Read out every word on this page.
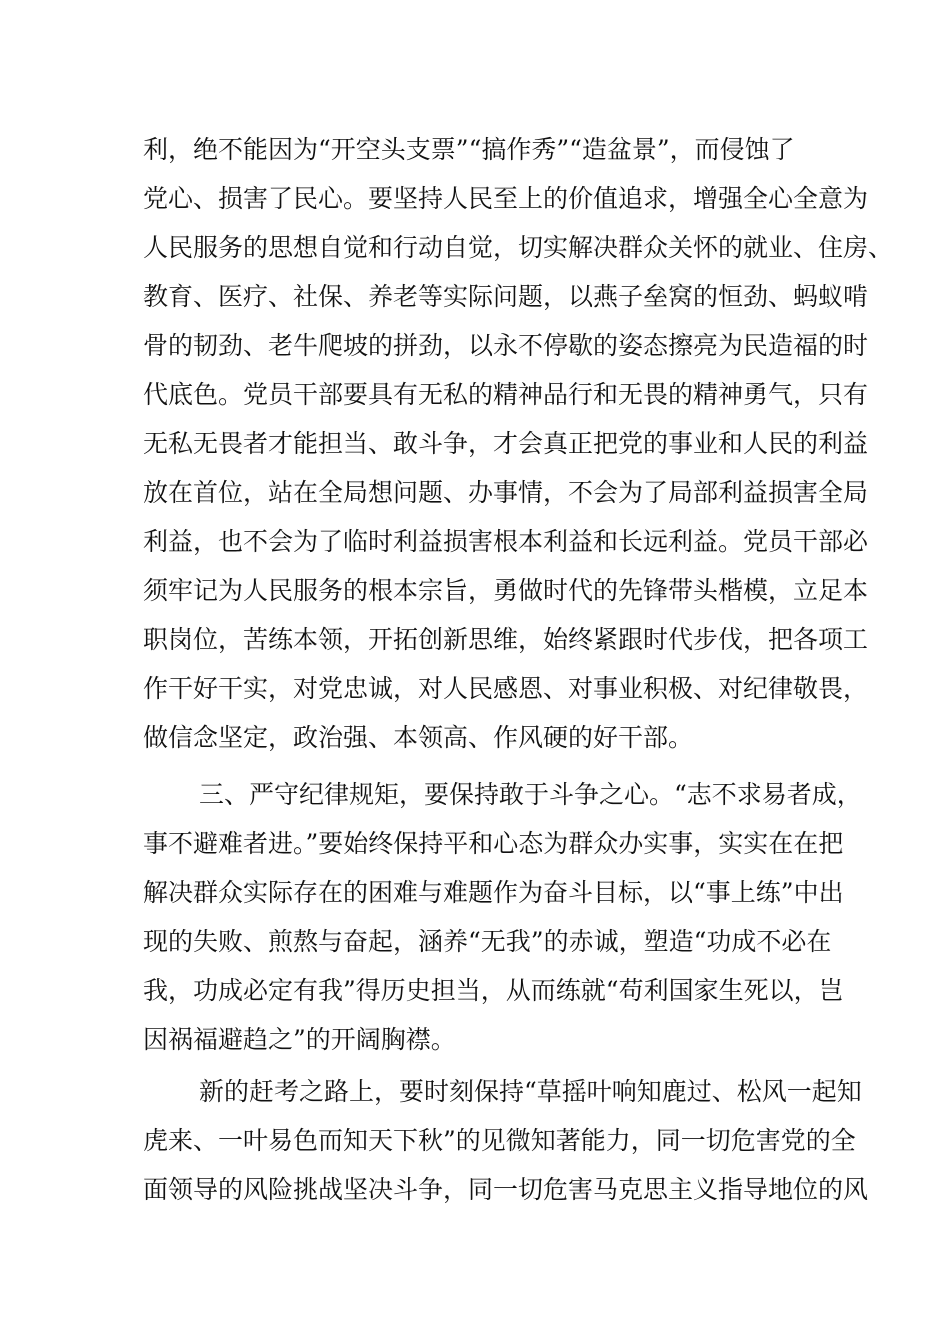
利，绝不能因为“开空头支票”“搞作秀”“造盆景”，而侵蚀了
党心、损害了民心。要坚持人民至上的价值追求，增强全心全意为
人民服务的思想自觉和行动自觉，切实解决群众关怀的就业、住房、
教育、医疗、社保、养老等实际问题，以燕子垒窝的恒劲、蚂蚁啃
骨的韧劲、老牛爬坡的拼劲，以永不停歇的姿态擦亮为民造福的时
代底色。党员干部要具有无私的精神品行和无畏的精神勇气，只有
无私无畏者才能担当、敢斗争，才会真正把党的事业和人民的利益
放在首位，站在全局想问题、办事情，不会为了局部利益损害全局
利益，也不会为了临时利益损害根本利益和长远利益。党员干部必
须牢记为人民服务的根本宗旨，勇做时代的先锋带头楷模，立足本
职岗位，苦练本领，开拓创新思维，始终紧跟时代步伐，把各项工
作干好干实，对党忠诚，对人民感恩、对事业积极、对纪律敬畏，
做信念坚定，政治强、本领高、作风硬的好干部。
三、严守纪律规矩，要保持敢于斗争之心。“志不求易者成，
事不避难者进。”要始终保持平和心态为群众办实事，实实在在把
解决群众实际存在的困难与难题作为奋斗目标，以“事上练”中出
现的失败、煎熬与奋起，涵养“无我”的赤诚，塑造“功成不必在
我，功成必定有我”得历史担当，从而练就“苟利国家生死以，岂
因祸福避趋之”的开阔胸襟。
新的赶考之路上，要时刻保持“草摇叶响知鹿过、松风一起知
虎来、一叶易色而知天下秋”的见微知著能力，同一切危害党的全
面领导的风险挑战坚决斗争，同一切危害马克思主义指导地位的风
